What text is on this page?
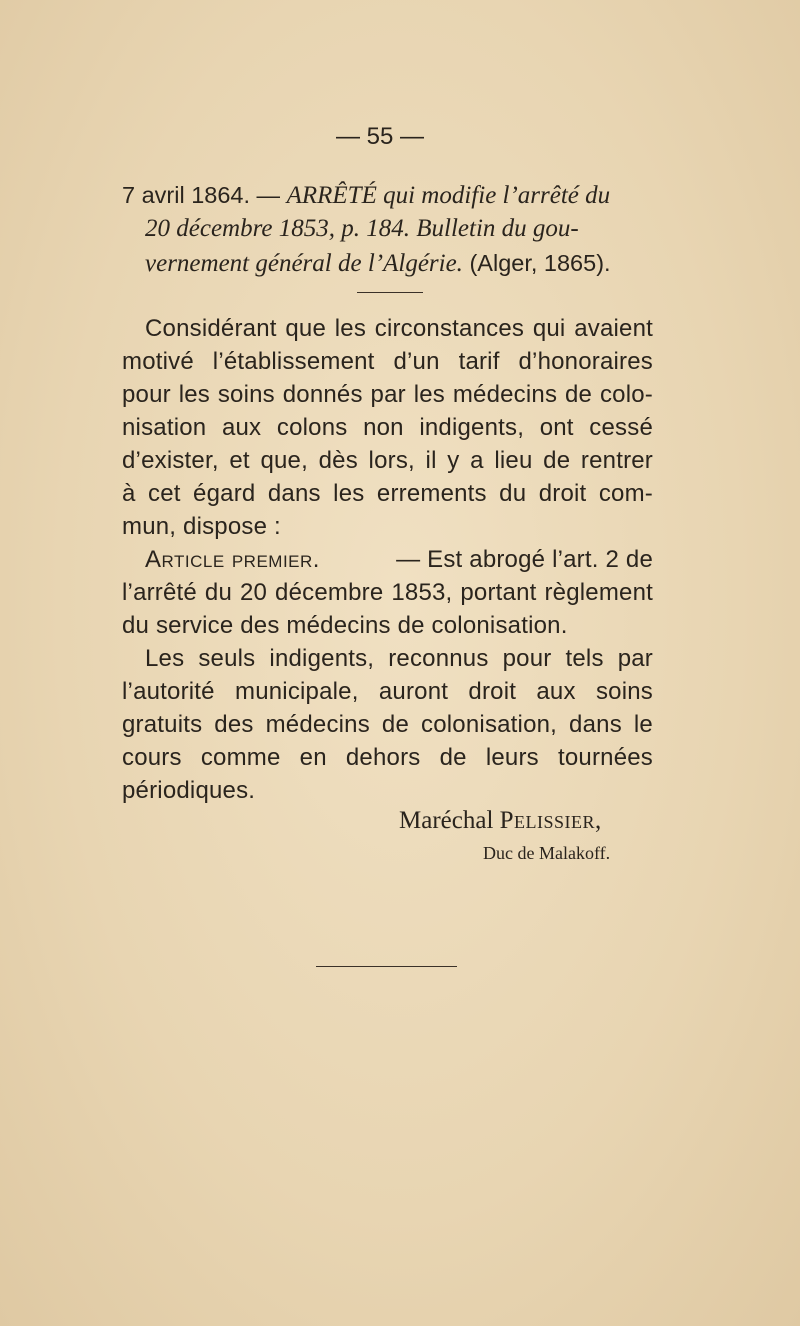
— 55 —
7 avril 1864. — ARRÊTÉ qui modifie l’arrêté du
20 décembre 1853, p. 184. Bulletin du gou-
vernement général de l’Algérie. (Alger, 1865).
Considérant que les circonstances qui avaient
motivé l’établissement d’un tarif d’honoraires
pour les soins donnés par les médecins de colo-
nisation aux colons non indigents, ont cessé
d’exister, et que, dès lors, il y a lieu de rentrer
à cet égard dans les errements du droit com-
mun, dispose :
Article premier.	— Est abrogé l’art. 2 de
l’arrêté du 20 décembre 1853, portant règlement
du service des médecins de colonisation.
Les seuls indigents, reconnus pour tels par
l’autorité municipale, auront droit aux soins
gratuits des médecins de colonisation, dans le
cours comme en dehors de leurs tournées
périodiques.
Maréchal Pelissier,
Duc de Malakoff.
